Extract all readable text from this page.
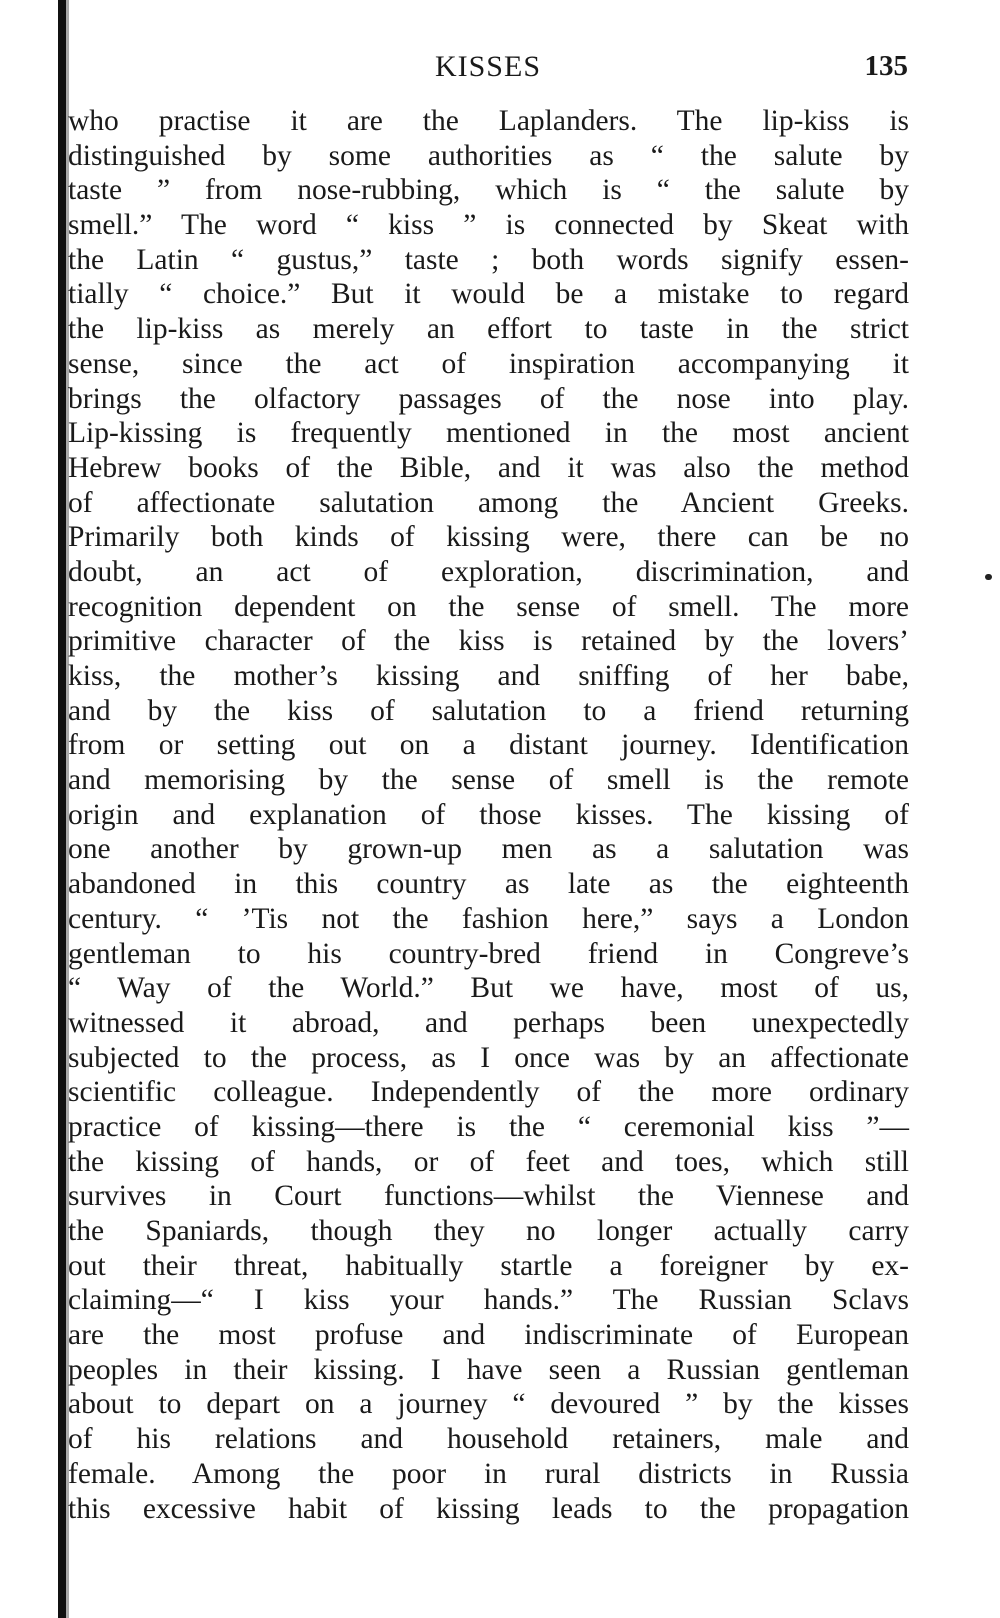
KISSES	135
who practise it are the Laplanders. The lip-kiss is
distinguished by some authorities as “ the salute by
taste ” from nose-rubbing, which is “ the salute by
smell.” The word “ kiss ” is connected by Skeat with
the Latin “ gustus,” taste ; both words signify essen-
tially “ choice.” But it would be a mistake to regard
the lip-kiss as merely an effort to taste in the strict
sense, since the act of inspiration accompanying it
brings the olfactory passages of the nose into play.
Lip-kissing is frequently mentioned in the most ancient
Hebrew books of the Bible, and it was also the method
of affectionate salutation among the Ancient Greeks.
Primarily both kinds of kissing were, there can be no
doubt, an act of exploration, discrimination, and
recognition dependent on the sense of smell. The more
primitive character of the kiss is retained by the lovers’
kiss, the mother’s kissing and sniffing of her babe,
and by the kiss of salutation to a friend returning
from or setting out on a distant journey. Identification
and memorising by the sense of smell is the remote
origin and explanation of those kisses. The kissing of
one another by grown-up men as a salutation was
abandoned in this country as late as the eighteenth
century. “ ’Tis not the fashion here,” says a London
gentleman to his country-bred friend in Congreve’s
“ Way of the World.” But we have, most of us,
witnessed it abroad, and perhaps been unexpectedly
subjected to the process, as I once was by an affectionate
scientific colleague. Independently of the more ordinary
practice of kissing—there is the “ ceremonial kiss ”—
the kissing of hands, or of feet and toes, which still
survives in Court functions—whilst the Viennese and
the Spaniards, though they no longer actually carry
out their threat, habitually startle a foreigner by ex-
claiming—“ I kiss your hands.” The Russian Sclavs
are the most profuse and indiscriminate of European
peoples in their kissing. I have seen a Russian gentleman
about to depart on a journey “ devoured ” by the kisses
of his relations and household retainers, male and
female. Among the poor in rural districts in Russia
this excessive habit of kissing leads to the propagation
